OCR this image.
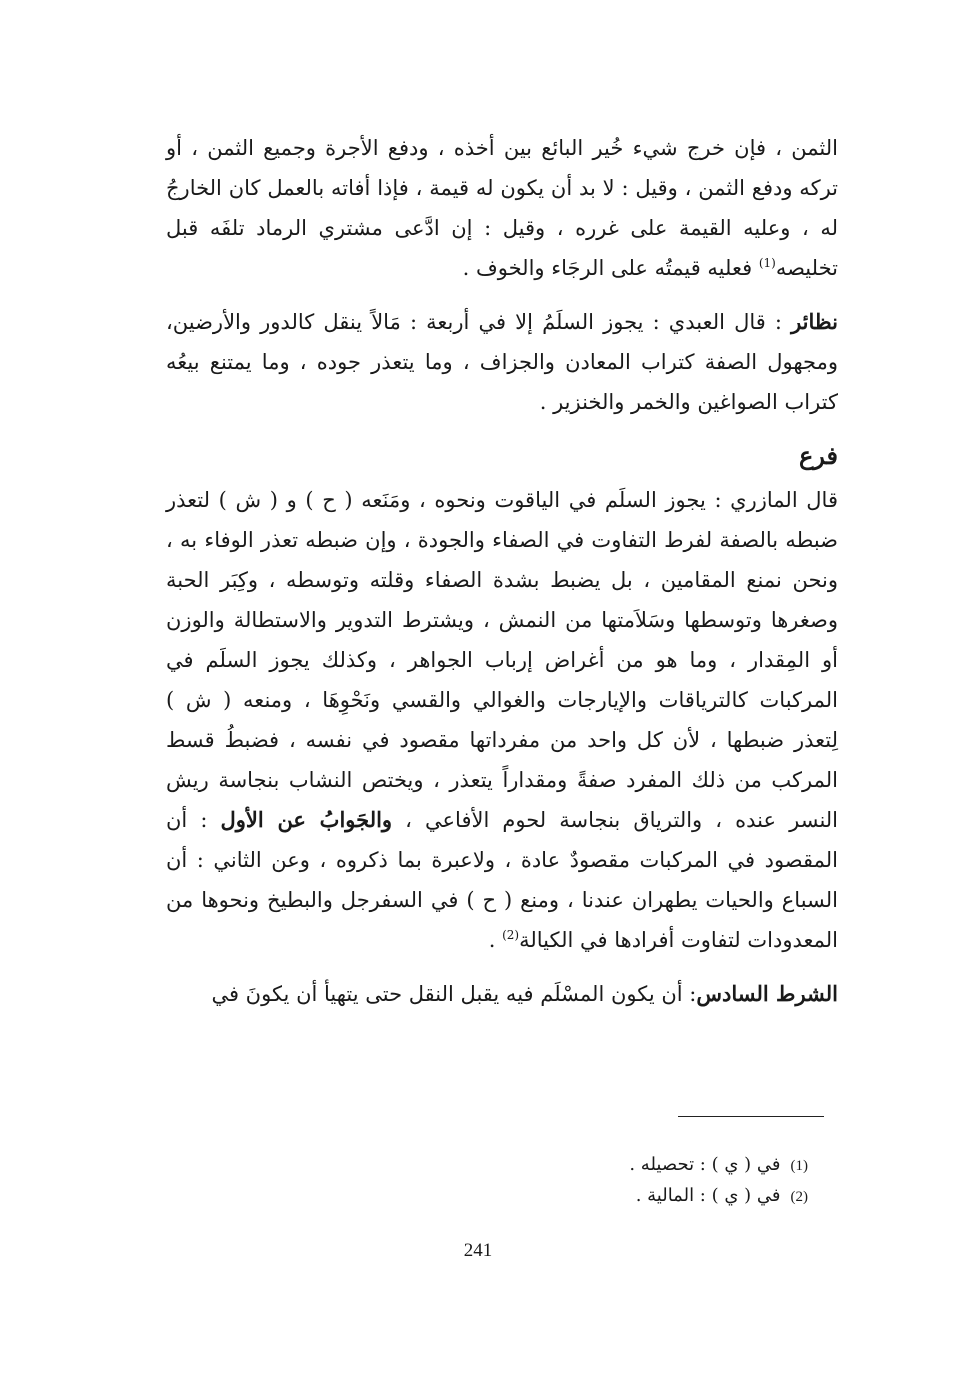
الثمن ، فإن خرج شيء خُير البائع بين أخذه ، ودفع الأجرة وجميع الثمن ، أو تركه ودفع الثمن ، وقيل : لا بد أن يكون له قيمة ، فإذا أفاته بالعمل كان الخارجُ له ، وعليه القيمة على غرره ، وقيل : إن ادَّعى مشتري الرماد تلفَه قبل تخليصه$^{(1)}$ فعليه قيمتُه على الرجَاء والخوف .

نظائر : قال العبدي : يجوز السلَمُ إلا في أربعة : مَالاً ينقل كالدور والأرضين، ومجهول الصفة كتراب المعادن والجزاف ، وما يتعذر جوده ، وما يمتنع بيعُه كتراب الصواغين والخمر والخنزير .

فرع

قال المازري : يجوز السلَم في الياقوت ونحوه ، ومَنَعه ( ح ) و ( ش ) لتعذر ضبطه بالصفة لفرط التفاوت في الصفاء والجودة ، وإن ضبطه تعذر الوفاء به ، ونحن نمنع المقامين ، بل يضبط بشدة الصفاء وقلته وتوسطه ، وكِبَر الحبة وصغرها وتوسطها وسَلاَمتها من النمش ، ويشترط التدوير والاستطالة والوزن أو المِقدار ، وما هو من أغراض إرباب الجواهر ، وكذلك يجوز السلَم في المركبات كالترياقات والإيارجات والغوالي والقسي ونَحْوِهَا ، ومنعه ( ش ) لِتعذر ضبطها ، لأن كل واحد من مفرداتها مقصود في نفسه ، فضبطُ قسط المركب من ذلك المفرد صفةً ومقداراً يتعذر ، ويختص النشاب بنجاسة ريش النسر عنده ، والترياق بنجاسة لحوم الأفاعي ، والجَوابُ عن الأول : أن المقصود في المركبات مقصودٌ عادة ، ولاعبرة بما ذكروه ، وعن الثاني : أن السباع والحيات يطهران عندنا ، ومنع ( ح ) في السفرجل والبطيخ ونحوها من المعدودات لتفاوت أفرادها في الكيالة$^{(2)}$ .

الشرط السادس: أن يكون المسْلَم فيه يقبل النقل حتى يتهيأ أن يكونَ في

(1)في ( ي ) : تحصيله .

(2)في ( ي ) : المالية .

241
